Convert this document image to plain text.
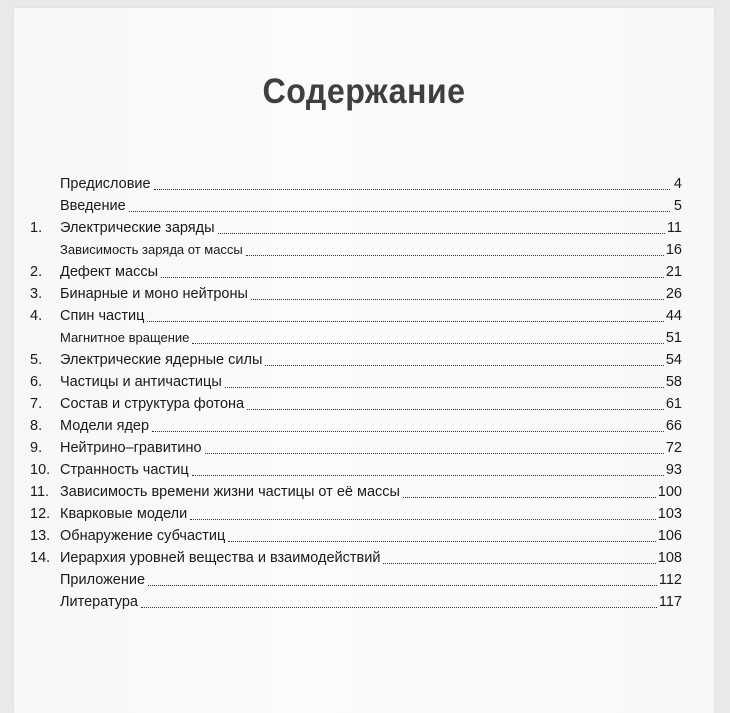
Содержание
Предисловие	4
Введение	5
1.	Электрические заряды	11
Зависимость заряда от массы	16
2.	Дефект массы	21
3.	Бинарные и моно нейтроны	26
4.	Спин частиц	44
Магнитное вращение	51
5.	Электрические ядерные силы	54
6.	Частицы и античастицы	58
7.	Состав и структура фотона	61
8.	Модели ядер	66
9.	Нейтрино–гравитино	72
10. Странность частиц	93
11. Зависимость времени жизни частицы от её массы	100
12. Кварковые модели	103
13. Обнаружение субчастиц	106
14. Иерархия уровней вещества и взаимодействий	108
Приложение	112
Литература	117
